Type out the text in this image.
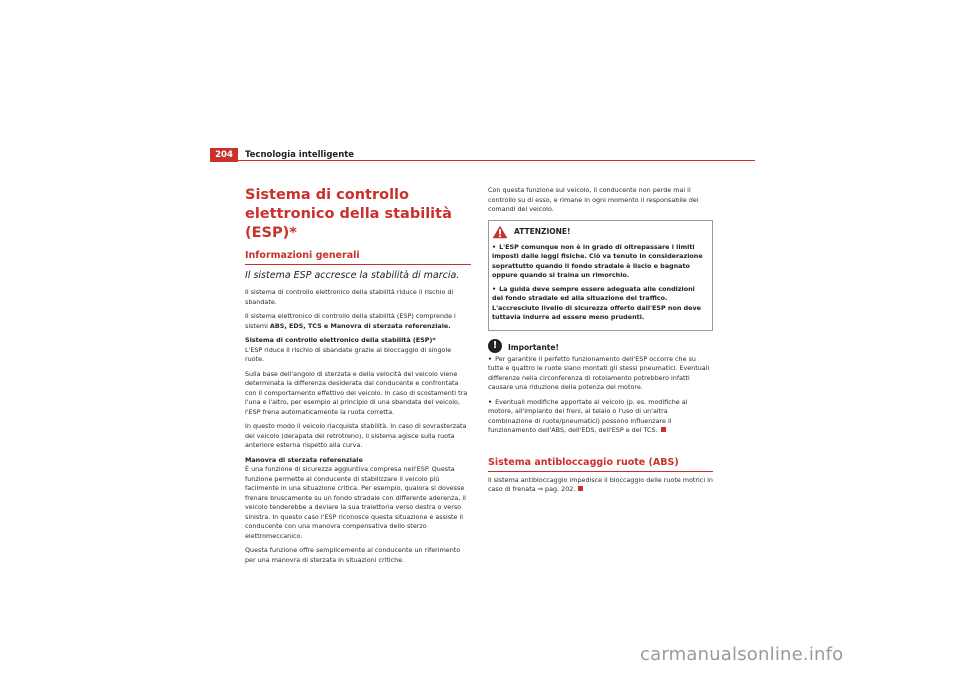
204	Tecnologia intelligente
Sistema di controllo elettronico della stabilità (ESP)*
Informazioni generali
Il sistema ESP accresce la stabilità di marcia.

Il sistema di controllo elettronico della stabilità riduce il rischio di sbandate.

Il sistema elettronico di controllo della stabilità (ESP) comprende i sistemi ABS, EDS, TCS e Manovra di sterzata referenziale.

Sistema di controllo elettronico della stabilità (ESP)*

L'ESP riduce il rischio di sbandate grazie al bloccaggio di singole ruote.

Sulla base dell'angolo di sterzata e della velocità del veicolo viene determinata la differenza desiderata dal conducente e confrontata con il comportamento effettivo del veicolo. In caso di scostamenti tra l'una e l'altro, per esempio al principio di una sbandata del veicolo, l'ESP frena automaticamente la ruota corretta.

In questo modo il veicolo riacquista stabilità. In caso di sovrasterzata del veicolo (derapata del retrotreno), il sistema agisce sulla ruota anteriore esterna rispetto alla curva.

Manovra di sterzata referenziale

È una funzione di sicurezza aggiuntiva compresa nell'ESP. Questa funzione permette al conducente di stabilizzare il veicolo più facilmente in una situazione critica. Per esempio, qualora si dovesse frenare bruscamente su un fondo stradale con differente aderenza, il veicolo tenderebbe a deviare la sua traiettoria verso destra o verso sinistra. In questo caso l'ESP riconosce questa situazione e assiste il conducente con una manovra compensativa dello sterzo elettromeccanico.

Questa funzione offre semplicemente al conducente un riferimento per una manovra di sterzata in situazioni critiche.

Con questa funzione sul veicolo, il conducente non perde mai il controllo su di esso, e rimane in ogni momento il responsabile dei comandi del veicolo.

ATTENZIONE!
• L'ESP comunque non è in grado di oltrepassare i limiti imposti dalle leggi fisiche. Ciò va tenuto in considerazione soprattutto quando il fondo stradale è liscio e bagnato oppure quando si traina un rimorchio.
• La guida deve sempre essere adeguata alle condizioni del fondo stradale ed alla situazione del traffico. L'accresciuto livello di sicurezza offerto dall'ESP non deve tuttavia indurre ad essere meno prudenti.
!	Importante!

• Per garantire il perfetto funzionamento dell'ESP occorre che su tutte e quattro le ruote siano montati gli stessi pneumatici. Eventuali differenze nella circonferenza di rotolamento potrebbero infatti causare una riduzione della potenza del motore.

• Eventuali modifiche apportate al veicolo (p. es. modifiche al motore, all'impianto dei freni, al telaio o l'uso di un'altra combinazione di ruote/pneumatici) possono influenzare il funzionamento dell'ABS, dell'EDS, dell'ESP e del TCS.

Sistema antibloccaggio ruote (ABS)

Il sistema antibloccaggio impedisce il bloccaggio delle ruote motrici in caso di frenata ⇒ pag. 202.

carmanualsonline.info
